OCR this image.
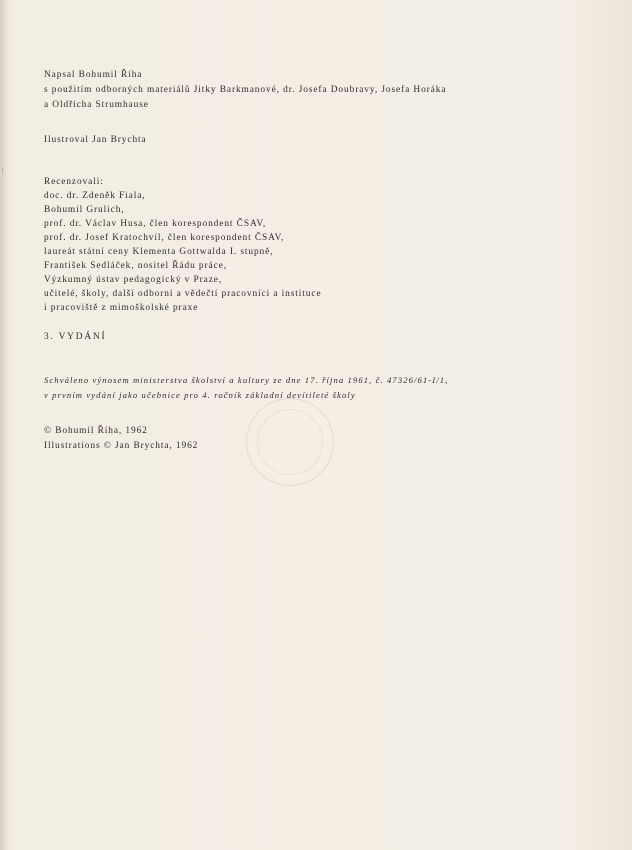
Napsal Bohumil Říha
s použitím odborných materiálů Jitky Barkmanové, dr. Josefa Doubravy, Josefa Horáka
a Oldřicha Strumhause
Ilustroval Jan Brychta
Recenzovali:
doc. dr. Zdeněk Fiala,
Bohumil Grulich,
prof. dr. Václav Husa, člen korespondent ČSAV,
prof. dr. Josef Kratochvíl, člen korespondent ČSAV,
laureát státní ceny Klementa Gottwalda I. stupně,
František Sedláček, nositel Řádu práce,
Výzkumný ústav pedagogický v Praze,
učitelé, školy, další odborní a vědečtí pracovníci a instituce
i pracoviště z mimoškolské praxe
3. VYDÁNÍ
Schváleno výnosem ministerstva školství a kultury ze dne 17. října 1961, č. 47326/61-I/1,
v prvním vydání jako učebnice pro 4. ročník základní devítileté školy
© Bohumil Říha, 1962
Illustrations © Jan Brychta, 1962
